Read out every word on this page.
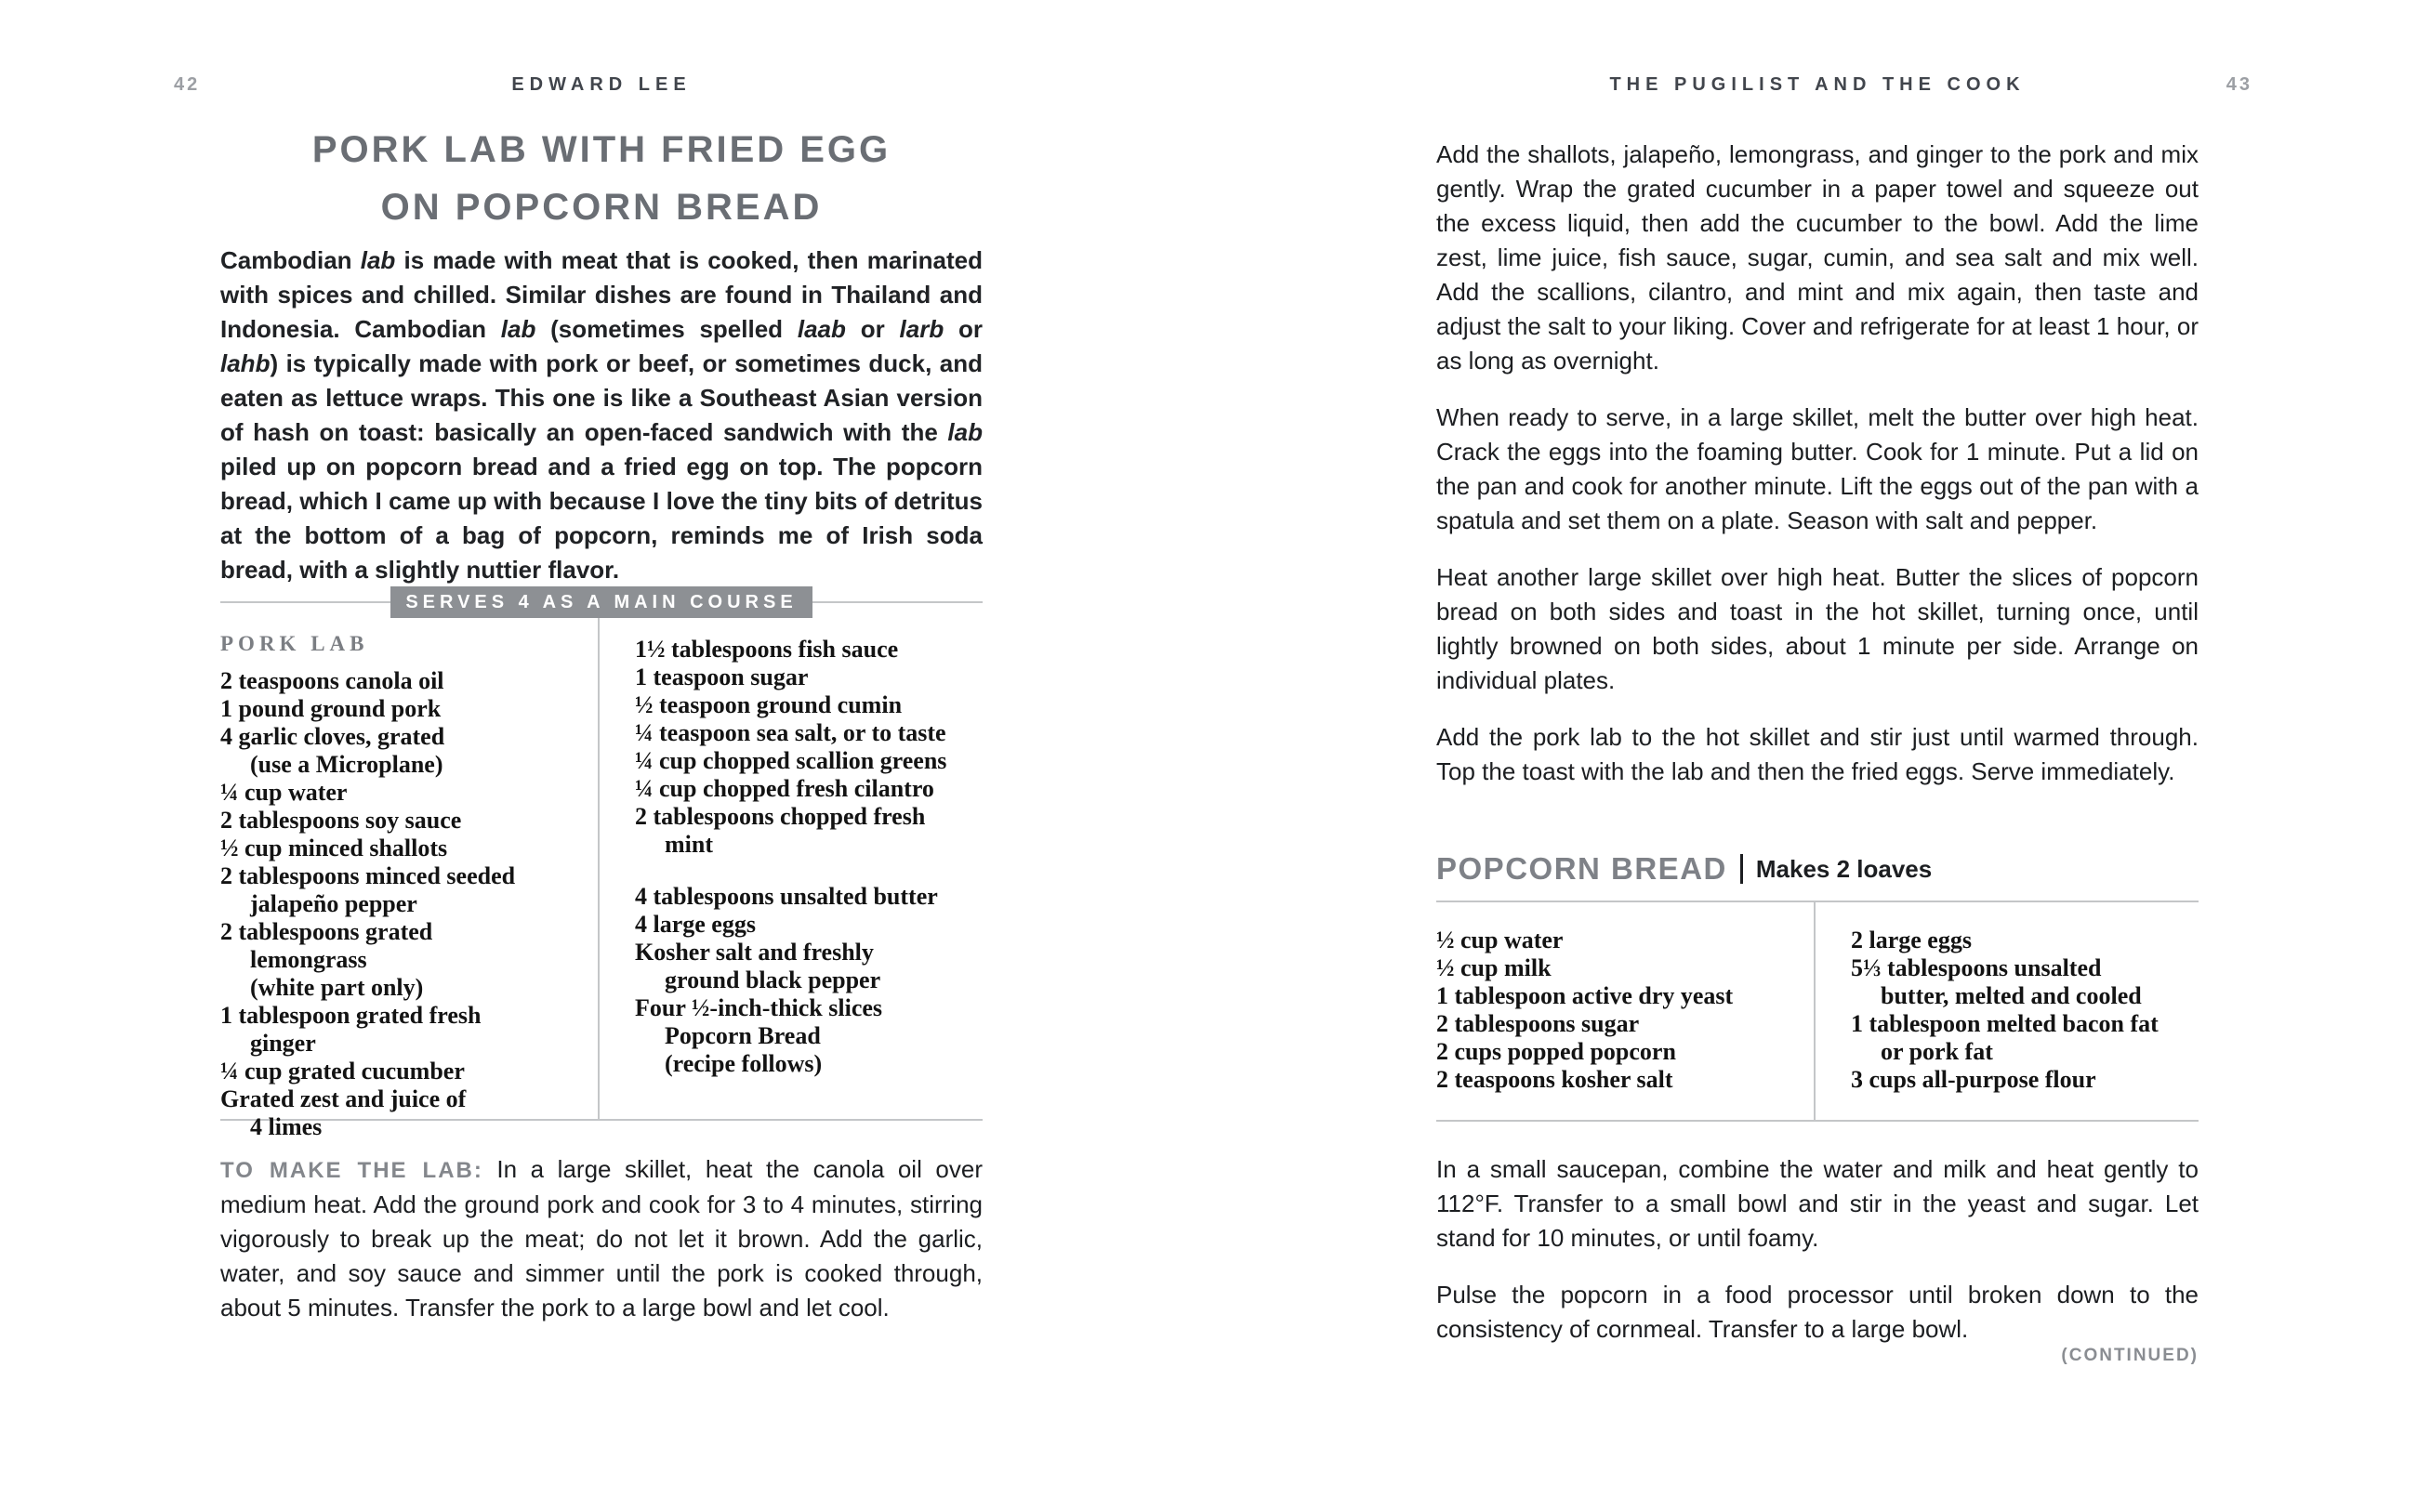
42	EDWARD LEE
PORK LAB WITH FRIED EGG
ON POPCORN BREAD

Cambodian lab is made with meat that is cooked, then marinated with spices and chilled. Similar dishes are found in Thailand and Indonesia. Cambodian lab (sometimes spelled laab or larb or lahb) is typically made with pork or beef, or sometimes duck, and eaten as lettuce wraps. This one is like a Southeast Asian version of hash on toast: basically an open-faced sandwich with the lab piled up on popcorn bread and a fried egg on top. The popcorn bread, which I came up with because I love the tiny bits of detritus at the bottom of a bag of popcorn, reminds me of Irish soda bread, with a slightly nuttier flavor.

SERVES 4 AS A MAIN COURSE
PORK LAB
2 teaspoons canola oil
1 pound ground pork
4 garlic cloves, grated
(use a Microplane)
¼ cup water
2 tablespoons soy sauce
½ cup minced shallots
2 tablespoons minced seeded
jalapeño pepper
2 tablespoons grated
lemongrass
(white part only)
1 tablespoon grated fresh
ginger
¼ cup grated cucumber
Grated zest and juice of
4 limes
1½ tablespoons fish sauce
1 teaspoon sugar
½ teaspoon ground cumin
¼ teaspoon sea salt, or to taste
¼ cup chopped scallion greens
¼ cup chopped fresh cilantro
2 tablespoons chopped fresh
mint
4 tablespoons unsalted butter
4 large eggs
Kosher salt and freshly
ground black pepper
Four ½-inch-thick slices
Popcorn Bread
(recipe follows)

TO MAKE THE LAB: In a large skillet, heat the canola oil over medium heat. Add the ground pork and cook for 3 to 4 minutes, stirring vigorously to break up the meat; do not let it brown. Add the garlic, water, and soy sauce and simmer until the pork is cooked through, about 5 minutes. Transfer the pork to a large bowl and let cool.

43
THE PUGILIST AND THE COOK

Add the shallots, jalapeño, lemongrass, and ginger to the pork and mix gently. Wrap the grated cucumber in a paper towel and squeeze out the excess liquid, then add the cucumber to the bowl. Add the lime zest, lime juice, fish sauce, sugar, cumin, and sea salt and mix well. Add the scallions, cilantro, and mint and mix again, then taste and adjust the salt to your liking. Cover and refrigerate for at least 1 hour, or as long as overnight.

When ready to serve, in a large skillet, melt the butter over high heat. Crack the eggs into the foaming butter. Cook for 1 minute. Put a lid on the pan and cook for another minute. Lift the eggs out of the pan with a spatula and set them on a plate. Season with salt and pepper.

Heat another large skillet over high heat. Butter the slices of popcorn bread on both sides and toast in the hot skillet, turning once, until lightly browned on both sides, about 1 minute per side. Arrange on individual plates.

Add the pork lab to the hot skillet and stir just until warmed through. Top the toast with the lab and then the fried eggs. Serve immediately.

POPCORN BREAD Makes 2 loaves
½ cup water
½ cup milk
1 tablespoon active dry yeast
2 tablespoons sugar
2 cups popped popcorn
2 teaspoons kosher salt
2 large eggs
5⅓ tablespoons unsalted
butter, melted and cooled
1 tablespoon melted bacon fat
or pork fat
3 cups all-purpose flour

In a small saucepan, combine the water and milk and heat gently to 112°F. Transfer to a small bowl and stir in the yeast and sugar. Let stand for 10 minutes, or until foamy.

Pulse the popcorn in a food processor until broken down to the consistency of cornmeal. Transfer to a large bowl.

(CONTINUED)
